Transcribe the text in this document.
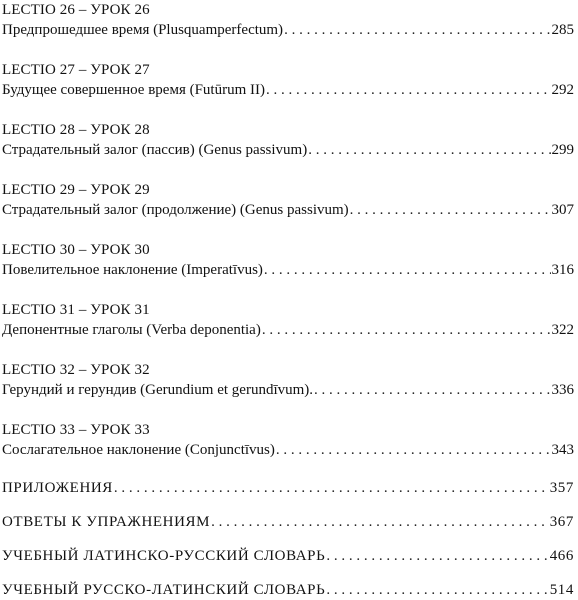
LECTIO 26 – УРОК 26
Предпрошедшее время (Plusquamperfectum) . . .	285
LECTIO 27 – УРОК 27
Будущее совершенное время (Futūrum II) . . .	292
LECTIO 28 – УРОК 28
Страдательный залог (пассив) (Genus passivum) . . .	299
LECTIO 29 – УРОК 29
Страдательный залог (продолжение) (Genus passivum) . . .	307
LECTIO 30 – УРОК 30
Повелительное наклонение (Imperatīvus) . . .	316
LECTIO 31 – УРОК 31
Депонентные глаголы (Verba deponentia) . . .	322
LECTIO 32 – УРОК 32
Герундий и герундив (Gerundium et gerundīvum). . . .	336
LECTIO 33 – УРОК 33
Сослагательное наклонение (Conjunctīvus) . . .	343
ПРИЛОЖЕНИЯ . . .	357
ОТВЕТЫ К УПРАЖНЕНИЯМ . . .	367
УЧЕБНЫЙ ЛАТИНСКО-РУССКИЙ СЛОВАРЬ . . .	466
УЧЕБНЫЙ РУССКО-ЛАТИНСКИЙ СЛОВАРЬ . . .	514
